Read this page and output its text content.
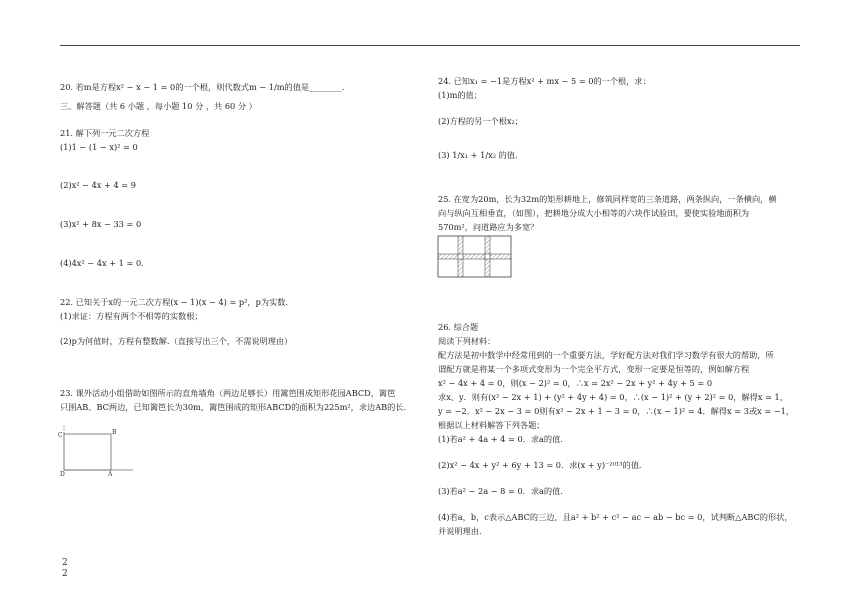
20. 若m是方程x² − x − 1 = 0的一个根，则代数式m − 1/m的值是________.
三、解答题（共 6 小题 ，每小题 10 分 ，共 60 分 ）
21. 解下列一元二次方程
(1)1 − (1 − x)² = 0
(2)x² − 4x + 4 = 9
(3)x² + 8x − 33 = 0
(4)4x² − 4x + 1 = 0.
22. 已知关于x的一元二次方程(x − 1)(x − 4) = p²，p为实数.
(1)求证：方程有两个不相等的实数根；
(2)p为何值时，方程有整数解.（直接写出三个，不需说明理由）
23. 课外活动小组借助如图所示的直角墙角（两边足够长）用篱笆围成矩形花园ABCD，篱笆
只围AB、BC两边，已知篱笆长为30m，篱笆围成的矩形ABCD的面积为225m²，求边AB的长.
C	B
D	A
2
2
24. 已知x₁ = −1是方程x² + mx − 5 = 0的一个根，求：
(1)m的值；
(2)方程的另一个根x₂；
(3) 1/x₁ + 1/x₂ 的值.
25. 在宽为20m，长为32m的矩形耕地上，修筑同样宽的三条道路，两条纵向，一条横向，横
向与纵向互相垂直，（如图），把耕地分成大小相等的六块作试验田，要使实验地面积为
570m²，问道路应为多宽？
26. 综合题
阅读下列材料：
配方法是初中数学中经常用到的一个重要方法，学好配方法对我们学习数学有很大的帮助，所
谓配方就是将某一个多项式变形为一个完全平方式，变形一定要是恒等的，例如解方程
x² − 4x + 4 = 0，则(x − 2)² = 0，∴x = 2x² − 2x + y² + 4y + 5 = 0
求x、y．则有(x² − 2x + 1) + (y² + 4y + 4) = 0，∴(x − 1)² + (y + 2)² = 0，解得x = 1，
y = −2．x² − 2x − 3 = 0则有x² − 2x + 1 − 3 = 0，∴(x − 1)² = 4．解得x = 3或x = −1，
根据以上材料解答下列各题；
(1)若a² + 4a + 4 = 0．求a的值.
(2)x² − 4x + y² + 6y + 13 = 0．求(x + y)⁻²⁰¹³的值.
(3)若a² − 2a − 8 = 0．求a的值.
(4)若a，b，c表示△ABC的三边，且a² + b² + c² − ac − ab − bc = 0，试判断△ABC的形状，
并说明理由.
